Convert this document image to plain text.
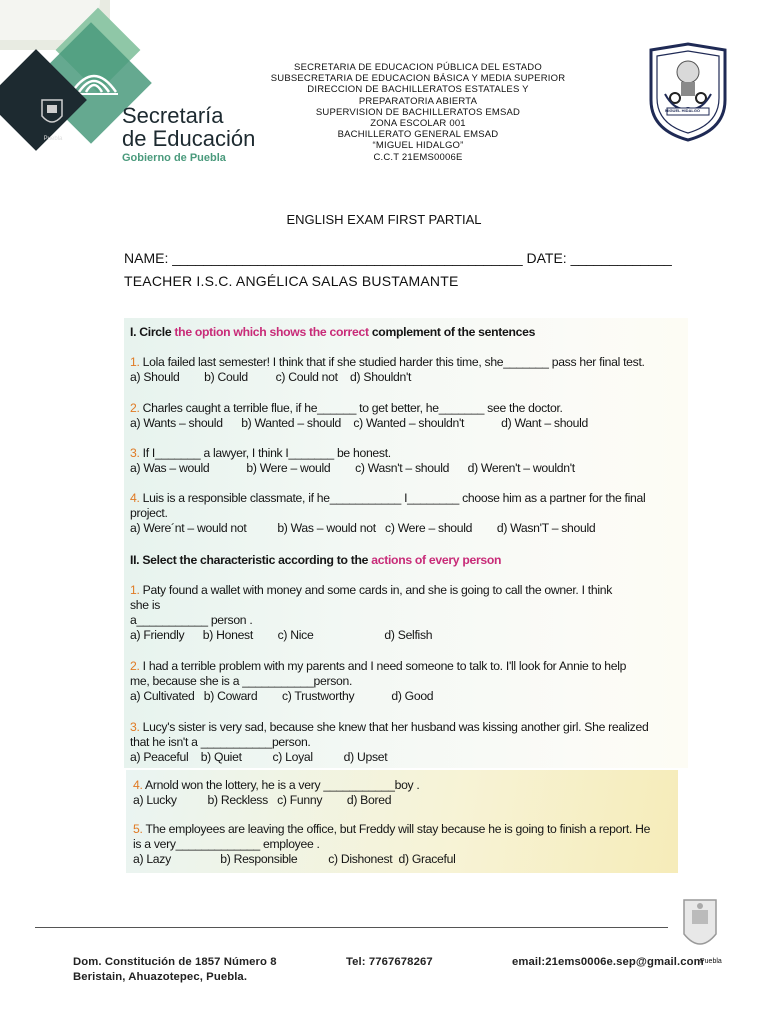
Puebla
Secretaría
de Educación
Gobierno de Puebla
SECRETARIA DE EDUCACION PÚBLICA DEL ESTADO
SUBSECRETARIA DE EDUCACION BÁSICA Y MEDIA SUPERIOR
DIRECCION DE BACHILLERATOS ESTATALES Y
PREPARATORIA ABIERTA
SUPERVISION DE BACHILLERATOS EMSAD
ZONA ESCOLAR 001
BACHILLERATO GENERAL EMSAD
“MIGUEL HIDALGO”
C.C.T 21EMS0006E
MIGUEL HIDALGO
ENGLISH EXAM FIRST PARTIAL
NAME: _____________________________________________ DATE: _____________
TEACHER I.S.C. ANGÉLICA SALAS BUSTAMANTE
I. Circle the option which shows the correct complement of the sentences
1. Lola failed last semester! I think that if she studied harder this time, she_______ pass her final test.
a) Should        b) Could         c) Could not    d) Shouldn't
2. Charles caught a terrible flue, if he______ to get better, he_______ see the doctor.
a) Wants – should      b) Wanted – should    c) Wanted – shouldn't            d) Want – should
3. If I_______ a lawyer, I think I_______ be honest.
a) Was – would            b) Were – would        c) Wasn't – should      d) Weren't – wouldn't
4. Luis is a responsible classmate, if he___________ I________ choose him as a partner for the final
project.
a) Were´nt – would not          b) Was – would not   c) Were – should        d) Wasn'T – should
II. Select the characteristic according to the actions of every person
1. Paty found a wallet with money and some cards in, and she is going to call the owner. I think
she is
a___________ person .
a) Friendly      b) Honest        c) Nice                       d) Selfish
2. I had a terrible problem with my parents and I need someone to talk to. I'll look for Annie to help
me, because she is a ___________person.
a) Cultivated   b) Coward        c) Trustworthy            d) Good
3. Lucy's sister is very sad, because she knew that her husband was kissing another girl. She realized
that he isn't a ___________person.
a) Peaceful    b) Quiet          c) Loyal          d) Upset
4. Arnold won the lottery, he is a very ___________boy .
a) Lucky          b) Reckless   c) Funny        d) Bored
5. The employees are leaving the office, but Freddy will stay because he is going to finish a report. He
is a very_____________ employee .
a) Lazy                b) Responsible          c) Dishonest  d) Graceful
Dom. Constitución de 1857 Número 8
Beristain, Ahuazotepec, Puebla.
Tel: 7767678267	email:21ems0006e.sep@gmail.com
Puebla
